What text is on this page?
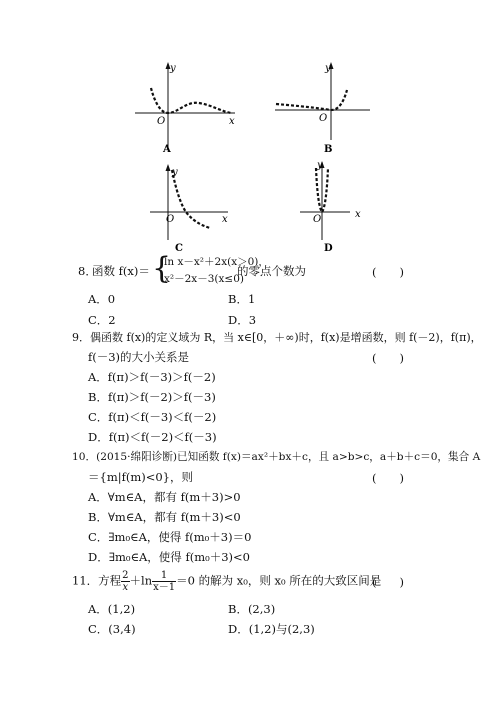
y
O	x
A
y
O
B
y
O	x
C
y
O	x
D
8．
函数 f(x)＝ {
ln x－x²＋2x(x＞0)，
x²－2x－3(x≤0)
的零点个数为	(　　)
A．0	B．1
C．2	D．3
9．偶函数 f(x)的定义域为 R，当 x∈[0，＋∞)时，f(x)是增函数，则 f(－2)，f(π)，
f(－3)的大小关系是	(　　)
A．f(π)＞f(－3)＞f(－2)
B．f(π)＞f(－2)＞f(－3)
C．f(π)＜f(－3)＜f(－2)
D．f(π)＜f(－2)＜f(－3)
10．(2015·绵阳诊断)已知函数 f(x)＝ax²＋bx＋c，且 a>b>c，a＋b＋c＝0，集合 A
＝{m|f(m)<0}，则	(　　)
A．∀m∈A，都有 f(m＋3)>0
B．∀m∈A，都有 f(m＋3)<0
C．∃m₀∈A，使得 f(m₀＋3)＝0
D．∃m₀∈A，使得 f(m₀＋3)<0
11．方程 $\frac{2}{x} +\ln \frac{1}{x-1} =0$ 的解为 x₀，则 x₀ 所在的大致区间是
(　　)
A．(1,2)	B．(2,3)
C．(3,4)	D．(1,2)与(2,3)
